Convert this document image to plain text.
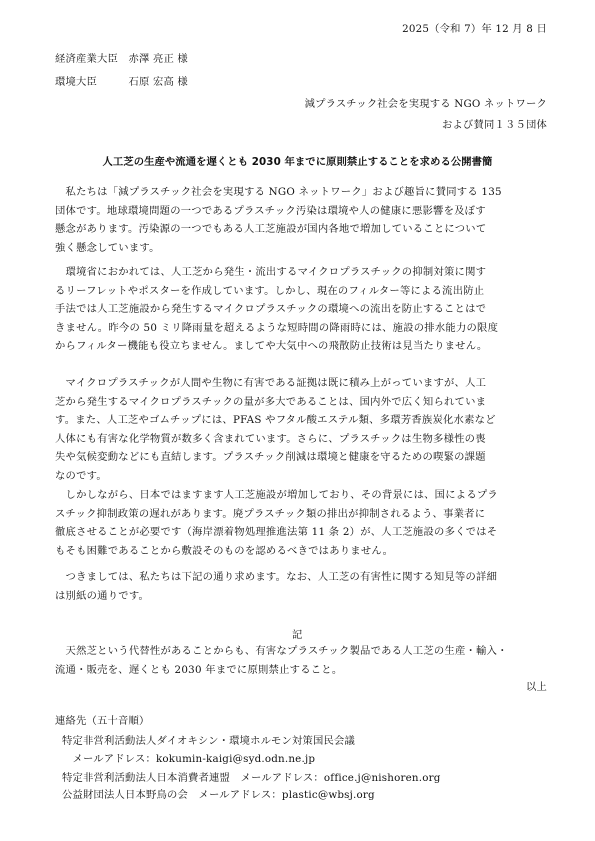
2025（令和 7）年 12 月 8 日
経済産業大臣　赤澤 亮正 様
環境大臣　　　石原 宏高 様
減プラスチック社会を実現する NGO ネットワーク
および賛同１３５団体
人工芝の生産や流通を遅くとも 2030 年までに原則禁止することを求める公開書簡
　私たちは「減プラスチック社会を実現する NGO ネットワーク」および趣旨に賛同する 135
団体です。地球環境問題の一つであるプラスチック汚染は環境や人の健康に悪影響を及ぼす
懸念があります。汚染源の一つでもある人工芝施設が国内各地で増加していることについて
強く懸念しています。
　環境省におかれては、人工芝から発生・流出するマイクロプラスチックの抑制対策に関す
るリーフレットやポスターを作成しています。しかし、現在のフィルター等による流出防止
手法では人工芝施設から発生するマイクロプラスチックの環境への流出を防止することはで
きません。昨今の 50 ミリ降雨量を超えるような短時間の降雨時には、施設の排水能力の限度
からフィルター機能も役立ちません。ましてや大気中への飛散防止技術は見当たりません。
　マイクロプラスチックが人間や生物に有害である証拠は既に積み上がっていますが、人工
芝から発生するマイクロプラスチックの量が多大であることは、国内外で広く知られていま
す。また、人工芝やゴムチップには、PFAS やフタル酸エステル類、多環芳香族炭化水素など
人体にも有害な化学物質が数多く含まれています。さらに、プラスチックは生物多様性の喪
失や気候変動などにも直結します。プラスチック削減は環境と健康を守るための喫緊の課題
なのです。
　しかしながら、日本ではますます人工芝施設が増加しており、その背景には、国によるプラ
スチック抑制政策の遅れがあります。廃プラスチック類の排出が抑制されるよう、事業者に
徹底させることが必要です（海岸漂着物処理推進法第 11 条 2）が、人工芝施設の多くではそ
もそも困難であることから敷設そのものを認めるべきではありません。
　つきましては、私たちは下記の通り求めます。なお、人工芝の有害性に関する知見等の詳細
は別紙の通りです。
記
　天然芝という代替性があることからも、有害なプラスチック製品である人工芝の生産・輸入・
流通・販売を、遅くとも 2030 年までに原則禁止すること。
以上
連絡先（五十音順）
特定非営利活動法人ダイオキシン・環境ホルモン対策国民会議
　メールアドレス：kokumin-kaigi@syd.odn.ne.jp
特定非営利活動法人日本消費者連盟　メールアドレス：office.j@nishoren.org
公益財団法人日本野鳥の会　メールアドレス：plastic@wbsj.org
